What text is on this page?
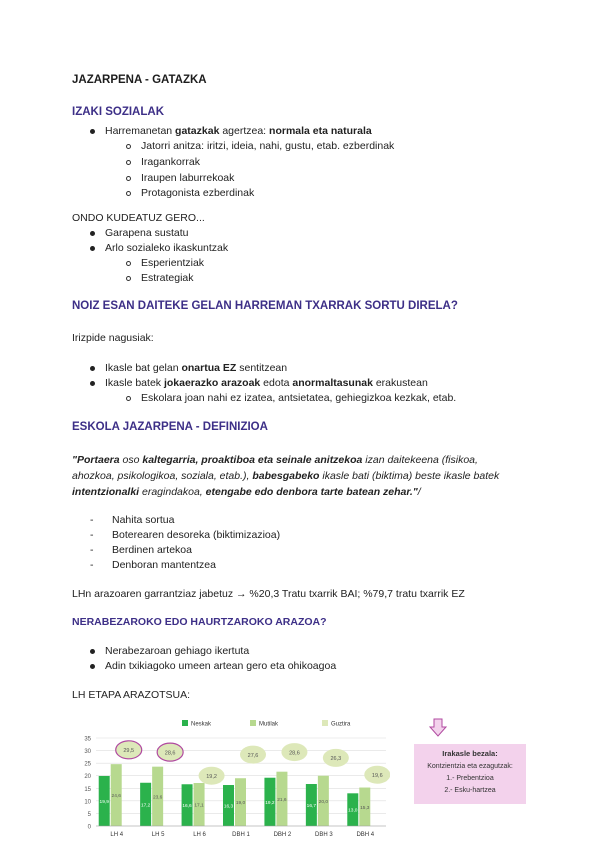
JAZARPENA - GATAZKA
IZAKI SOZIALAK
Harremanetan gatazkak agertzea: normala eta naturala
Jatorri anitza: iritzi, ideia, nahi, gustu, etab. ezberdinak
Iragankorrak
Iraupen laburrekoak
Protagonista ezberdinak
ONDO KUDEATUZ GERO...
Garapena sustatu
Arlo sozialeko ikaskuntzak
Esperientziak
Estrategiak
NOIZ ESAN DAITEKE GELAN HARREMAN TXARRAK SORTU DIRELA?
Irizpide nagusiak:
Ikasle bat gelan onartua EZ sentitzean
Ikasle batek jokaerazko arazoak edota anormaltasunak erakustean
Eskolara joan nahi ez izatea, antsietatea, gehiegizkoa kezkak, etab.
ESKOLA JAZARPENA - DEFINIZIOA
"Portaera oso kaltegarria, proaktiboa eta seinale anitzekoa izan daitekeena (fisikoa,
ahozkoa, psikologikoa, soziala, etab.), babesgabeko ikasle bati (biktima) beste ikasle batek
intentzionalki eragindakoa, etengabe edo denbora tarte batean zehar."/
- Nahita sortua
- Boterearen desoreka (biktimizazioa)
- Berdinen artekoa
- Denboran mantentzea
LHn arazoaren garrantziaz jabetuz → %20,3 Tratu txarrik BAI; %79,7 tratu txarrik EZ
NERABEZAROKO EDO HAURTZAROKO ARAZOA?
Nerabezaroan gehiago ikertuta
Adin txikiagoko umeen artean gero eta ohikoagoa
LH ETAPA ARAZOTSUA:
0
5
10
15
20
25
30
35
Neskak	Mutilak	Guztira
19,9
24,6
29,5
LH 4
17,2
23,6
28,6
LH 5
16,6 17,1
19,2
LH 6
16,3
19,0
27,6
DBH 1
19,2
21,6
28,6
DBH 2
16,7
20,0
26,3
DBH 3
13,0
15,3
19,6
DBH 4
Irakasle bezala:
Kontzientzia eta ezagutzak:
1.- Prebentzioa
2.- Esku-hartzea
